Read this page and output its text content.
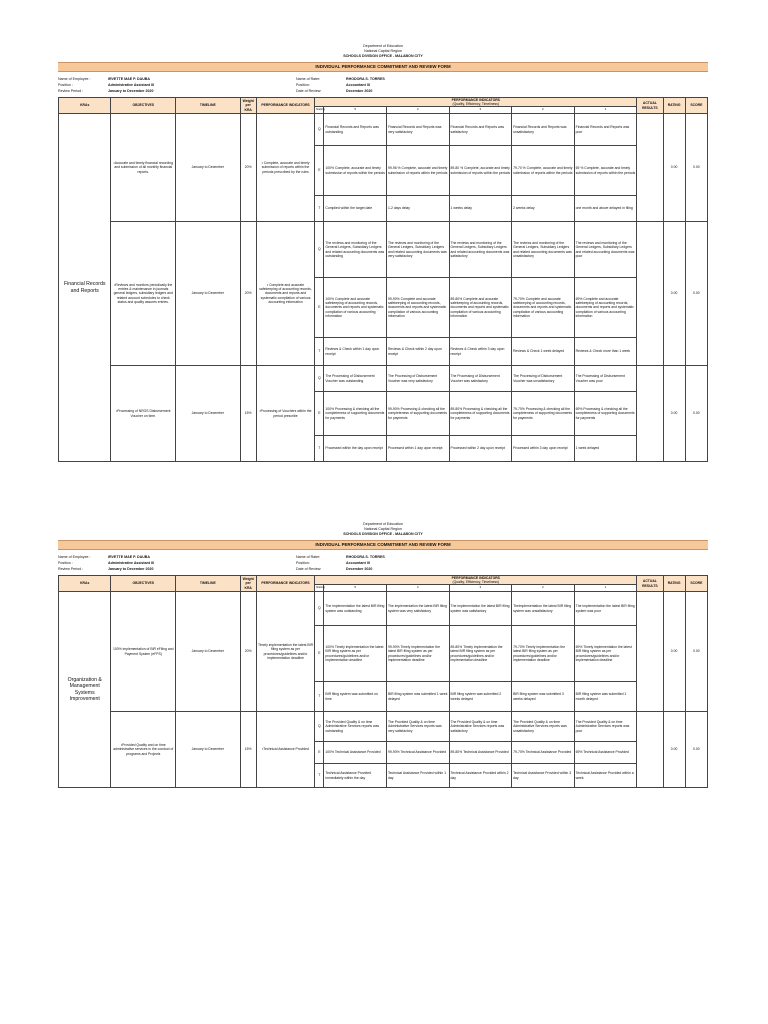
Department of Education
National Capital Region
SCHOOLS DIVISION OFFICE - MALABON CITY
INDIVIDUAL PERFORMANCE COMMITMENT AND REVIEW FORM
Name of Employee :	IRVETTE MAE P. DAUBA
Position :	Administrative Assistant III
Review Period :	January to December 2020
Name of Rater:	RHODORA S. TORRES
Position:	Accountant III
Date of Review:	December 2020
KRAs	OBJECTIVES	TIMELINE	Weight per KRA	PERFORMANCE INDICATORS	PERFORMANCE INDICATORS
(Quality, Efficiency, Timeliness)						ACTUAL RESULTS	RATING	SCORE
					Rating	5	4	3	2	1			

Financial Records and Reports	•Accurate and timely financial recording and submission of all monthly financial reports.	January to December	20%	• Complete, accurate and timely submission of reports within the periods prescribed by the rules	Q	Financial Records and Reports was outstanding	Financial Records and Reports was very satisfactory	Financial Records and Reports was satisfactory	Financial Records and Reports was unsatisfactory	Financial Records and Reports was poor		0.00	0.00
					E	100% Complete, accurate and timely submission of reports within the periods	99-96 % Complete, accurate and timely submission of reports within the periods	89-80 % Complete, accurate and timely submission of reports within the periods	79-70 % Complete, accurate and timely submission of reports within the periods	69 % Complete, accurate and timely submission of reports within the periods			
					T	Complied within the target date	1-2 days delay	1 weeks delay	2 weeks delay	one month and above delayed in filing			
	•Reviews and monitors periodically the entries & maintenance in journals general ledgers, subsidiary ledgers and related account schedules to check status and quality assures entries.	January to December	20%	• Complete and accurate safekeeping of accounting records, documents and reports and systematic compilation of various accounting information	Q	The reviews and monitoring of the General Ledgers, Subsidiary Ledgers and related accounting documents was outstanding	The reviews and monitoring of the General Ledgers, Subsidiary Ledgers and related accounting documents was very satisfactory	The reviews and monitoring of the General Ledgers, Subsidiary Ledgers and related accounting documents was satisfactory	The reviews and monitoring of the General Ledgers, Subsidiary Ledgers and related accounting documents was unsatisfactory	The reviews and monitoring of the General Ledgers, Subsidiary Ledgers and related accounting documents was poor		0.00	0.00
					E	100% Complete and accurate safekeeping of accounting records, documents and reports and systematic compilation of various accounting information	99-90% Complete and accurate safekeeping of accounting records, documents and reports and systematic compilation of various accounting information	89-80% Complete and accurate safekeeping of accounting records, documents and reports and systematic compilation of various accounting information	79-70% Complete and accurate safekeeping of accounting records, documents and reports and systematic compilation of various accounting information	69% Complete and accurate safekeeping of accounting records, documents and reports and systematic compilation of various accounting information			
					T	Reviews & Check within 1 day upon receipt	Reviews & Check within 2 day upon receipt	Reviews & Check within 3 day upon receipt	Reviews & Check 1 week delayed	Reviews & Check more than 1 week			
	•Processing of NROS Disbursement Voucher on time.	January to December	15%	•Processing of Vouchers within the period prescribe	Q	The Processing of Disbursement Voucher was outstanding	The Processing of Disbursement Voucher was very satisfactory	The Processing of Disbursement Voucher was satisfactory	The Processing of Disbursement Voucher was unsatisfactory	The Processing of Disbursement Voucher was poor		0.00	0.00
					E	100% Processing & checking all the completeness of supporting documents for payments	99-90% Processing & checking all the completeness of supporting documents for payments	89-80% Processing & checking all the completeness of supporting documents for payments	79-70% Processing & checking all the completeness of supporting documents for payments	69% Processing & checking all the completeness of supporting documents for payments			
					T	Processed within the day upon receipt	Processed within 1 day upon receipt	Processed within 2 day upon receipt	Processed within 3 day upon receipt	1 week delayed			
Department of Education
National Capital Region
SCHOOLS DIVISION OFFICE - MALABON CITY
INDIVIDUAL PERFORMANCE COMMITMENT AND REVIEW FORM
Name of Employee :	IRVETTE MAE P. DAUBA
Position :	Administrative Assistant III
Review Period :	January to December 2020
Name of Rater:	RHODORA S. TORRES
Position:	Accountant III
Date of Review:	December 2020
KRAs	OBJECTIVES	TIMELINE	Weight per KRA	PERFORMANCE INDICATORS	PERFORMANCE INDICATORS
(Quality, Efficiency, Timeliness)						ACTUAL RESULTS	RATING	SCORE
					Rating	5	4	3	2	1			

Organization & Management Systems Improvement	100% implementation of BIR eFiling and Payment System (eFPS)	January to December	20%	Timely implementation the latest BIR filing system as per procedures/guidelines and/or implementation deadline	Q	The implementation the latest BIR filing system was outstanding	The implementation the latest BIR filing system was very satisfactory	The implementation the latest BIR filing system was satisfactory	Theimplementation the latest BIR filing system was unsatisfactory	The implementation the latest BIR filing system was poor		0.00	0.00
					E	100% Timely implementation the latest BIR filing system as per procedures/guidelines and/or implementation deadline	99-90% Timely implementation the latest BIR filing system as per procedures/guidelines and/or implementation deadline	89-80% Timely implementation the latest BIR filing system as per procedures/guidelines and/or implementation deadline	79-70% Timely implementation the latest BIR filing system as per procedures/guidelines and/or implementation deadline	69% Timely implementation the latest BIR filing system as per procedures/guidelines and/or implementation deadline			
					T	BIR filing system was submitted on time	BIR filing system was submitted 1 week delayed	BIR filing system was submitted 2 weeks delayed	BIR filing system was submitted 3 weeks delayed	BIR filing system was submitted 1 month delayed			
	•Provided Quality and on time administrative services in the conduct of programs and Projects	January to December	15%	•Technical Assistance Provided	Q	The Provided Quality & on time Administrative Services reports was outstanding	The Provided Quality & on time Administrative Services reports was very satisfactory	The Provided Quality & on time Administrative Services reports was satisfactory	The Provided Quality & on time Administrative Services reports was unsatisfactory	The Provided Quality & on time Administrative Services reports was poor		0.00	0.00
					E	100% Technical Assistance Provided	99-90% Technical Assistance Provided	89-80% Technical Assistance Provided	79-70% Technical Assistance Provided	69% Technical Assistance Provided			
					T	Technical Assistance Provided immediately within the day	Technical Assistance Provided within 1 day	Technical Assistance Provided within 2 day	Technical Assistance Provided within 3 day	Technical Assistance Provided within a week			
